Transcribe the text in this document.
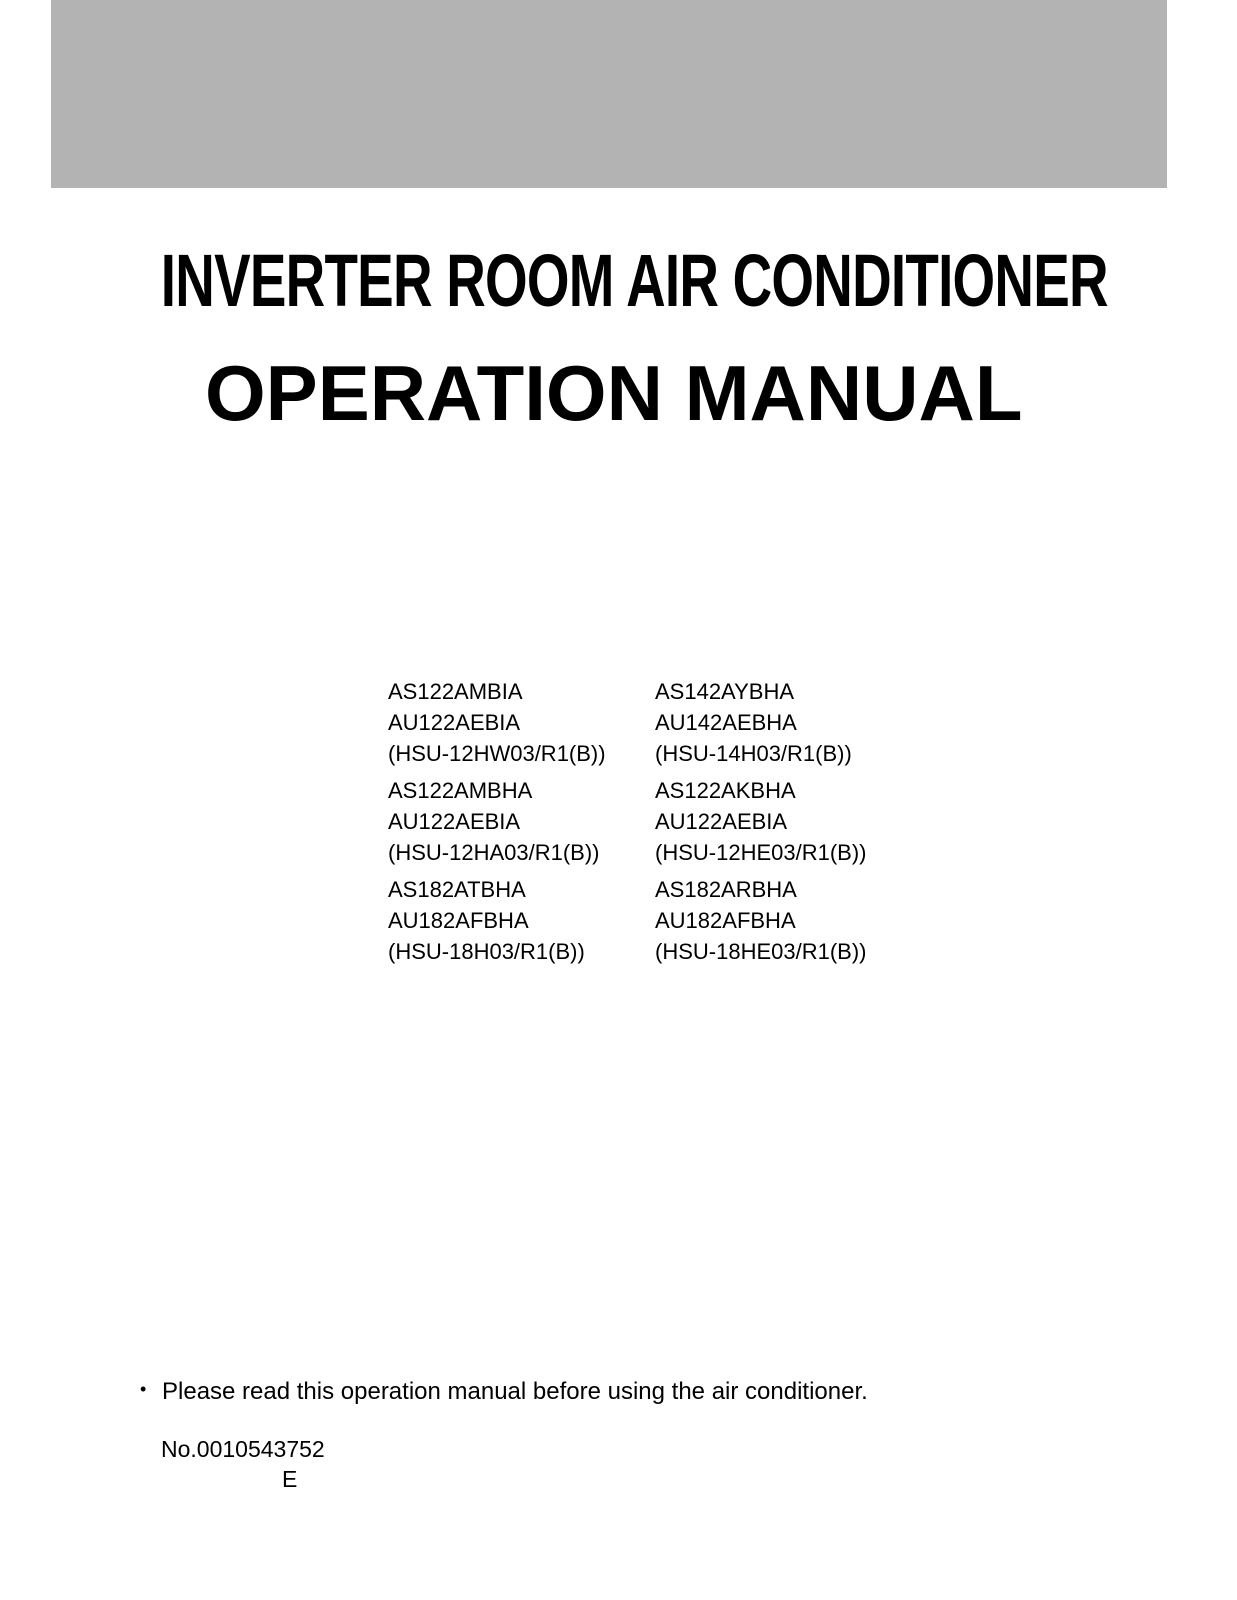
INVERTER ROOM AIR CONDITIONER
OPERATION MANUAL
AS122AMBIA
AU122AEBIA
(HSU-12HW03/R1(B))
AS142AYBHA
AU142AEBHA
(HSU-14H03/R1(B))
AS122AMBHA
AU122AEBIA
(HSU-12HA03/R1(B))
AS122AKBHA
AU122AEBIA
(HSU-12HE03/R1(B))
AS182ATBHA
AU182AFBHA
(HSU-18H03/R1(B))
AS182ARBHA
AU182AFBHA
(HSU-18HE03/R1(B))
• Please read this operation manual before using the air conditioner.
No.0010543752
E
